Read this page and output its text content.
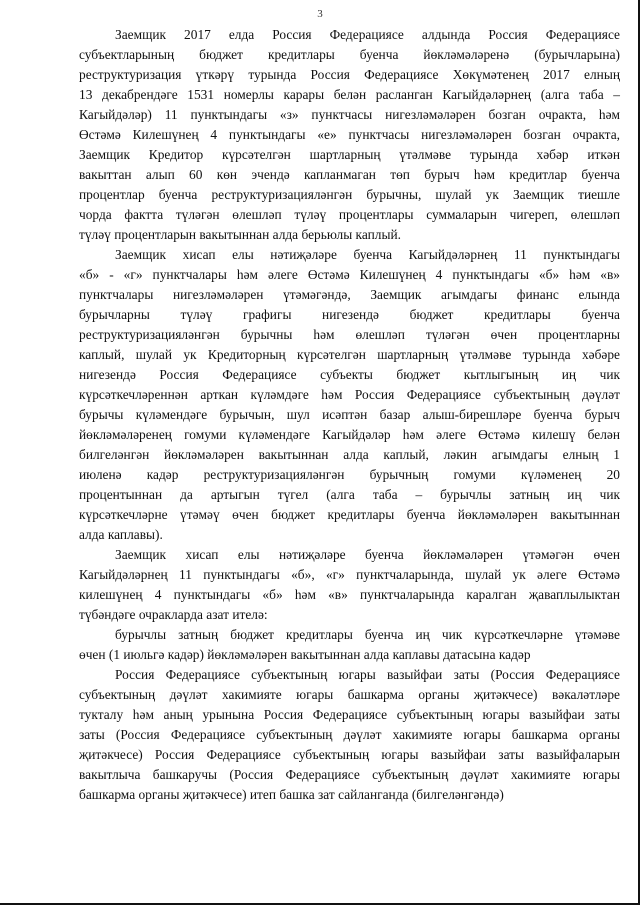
3
Заемщик 2017 елда Россия Федерациясе алдында Россия Федерациясе
субъектларының бюджет кредитлары буенча йөкләмәләренә (бурычларына)
реструктуризация үткәрү турында Россия Федерациясе Хөкүмәтенең 2017 елның
13 декабрендәге 1531 номерлы карары белән расланган Кагыйдәләрнең (алга таба –
Кагыйдәләр) 11 пунктындагы «з» пунктчасы нигезләмәләрен бозган очракта, һәм
Өстәмә Килешүнең 4 пунктындагы «е» пунктчасы нигезләмәләрен бозган очракта,
Заемщик Кредитор күрсәтелгән шартларның үтәлмәве турында хәбәр иткән
вакыттан алып 60 көн эчендә капланмаган төп бурыч һәм кредитлар буенча
процентлар буенча реструктуризацияләнгән бурычны, шулай ук Заемщик тиешле
чорда фактта түләгән өлешләп түләү процентлары суммаларын чигереп, өлешләп
түләү процентларын вакытыннан алда берьюлы каплый.
Заемщик хисап елы нәтиҗәләре буенча Кагыйдәләрнең 11 пунктындагы
«б» - «г» пунктчалары һәм әлеге Өстәмә Килешүнең 4 пунктындагы «б» һәм «в»
пунктчалары нигезләмәләрен үтәмәгәндә, Заемщик агымдагы финанс елында
бурычларны түләү графигы нигезендә бюджет кредитлары буенча
реструктуризацияләнгән бурычны һәм өлешләп түләгән өчен процентларны
каплый, шулай ук Кредиторның күрсәтелгән шартларның үтәлмәве турында хәбәре
нигезендә Россия Федерациясе субъекты бюджет кытлыгының иң чик
күрсәткечләреннән арткан күләмдәге һәм Россия Федерациясе субъектының дәүләт
бурычы күләмендәге бурычын, шул исәптән базар алыш-бирешләре буенча бурыч
йөкләмәләренең гомуми күләмендәге Кагыйдәләр һәм әлеге Өстәмә килешү белән
билгеләнгән йөкләмәләрен вакытыннан алда каплый, ләкин агымдагы елның 1
июленә кадәр реструктуризацияләнгән бурычның гомуми күләменең 20
процентыннан да артыгын түгел (алга таба – бурычлы затның иң чик
күрсәткечләрне үтәмәү өчен бюджет кредитлары буенча йөкләмәләрен вакытыннан
алда каплавы).
Заемщик хисап елы нәтиҗәләре буенча йөкләмәләрен үтәмәгән өчен
Кагыйдәләрнең 11 пунктындагы «б», «г» пунктчаларында, шулай ук әлеге Өстәмә
килешүнең 4 пунктындагы «б» һәм «в» пунктчаларында каралган җаваплылыктан
түбәндәге очракларда азат ителә:
бурычлы затның бюджет кредитлары буенча иң чик күрсәткечләрне үтәмәве
өчен (1 июльгә кадәр) йөкләмәләрен вакытыннан алда каплавы датасына кадәр
Россия Федерациясе субъектының югары вазыйфаи заты (Россия Федерациясе
субъектының дәүләт хакимияте югары башкарма органы җитәкчесе) вәкаләтләре
тукталу һәм аның урынына Россия Федерациясе субъектының югары вазыйфаи заты
заты (Россия Федерациясе субъектының дәүләт хакимияте югары башкарма органы
җитәкчесе) Россия Федерациясе субъектының югары вазыйфаи заты вазыйфаларын
вакытлыча башкаручы (Россия Федерациясе субъектының дәүләт хакимияте югары
башкарма органы җитәкчесе) итеп башка зат сайланганда (билгеләнгәндә)
